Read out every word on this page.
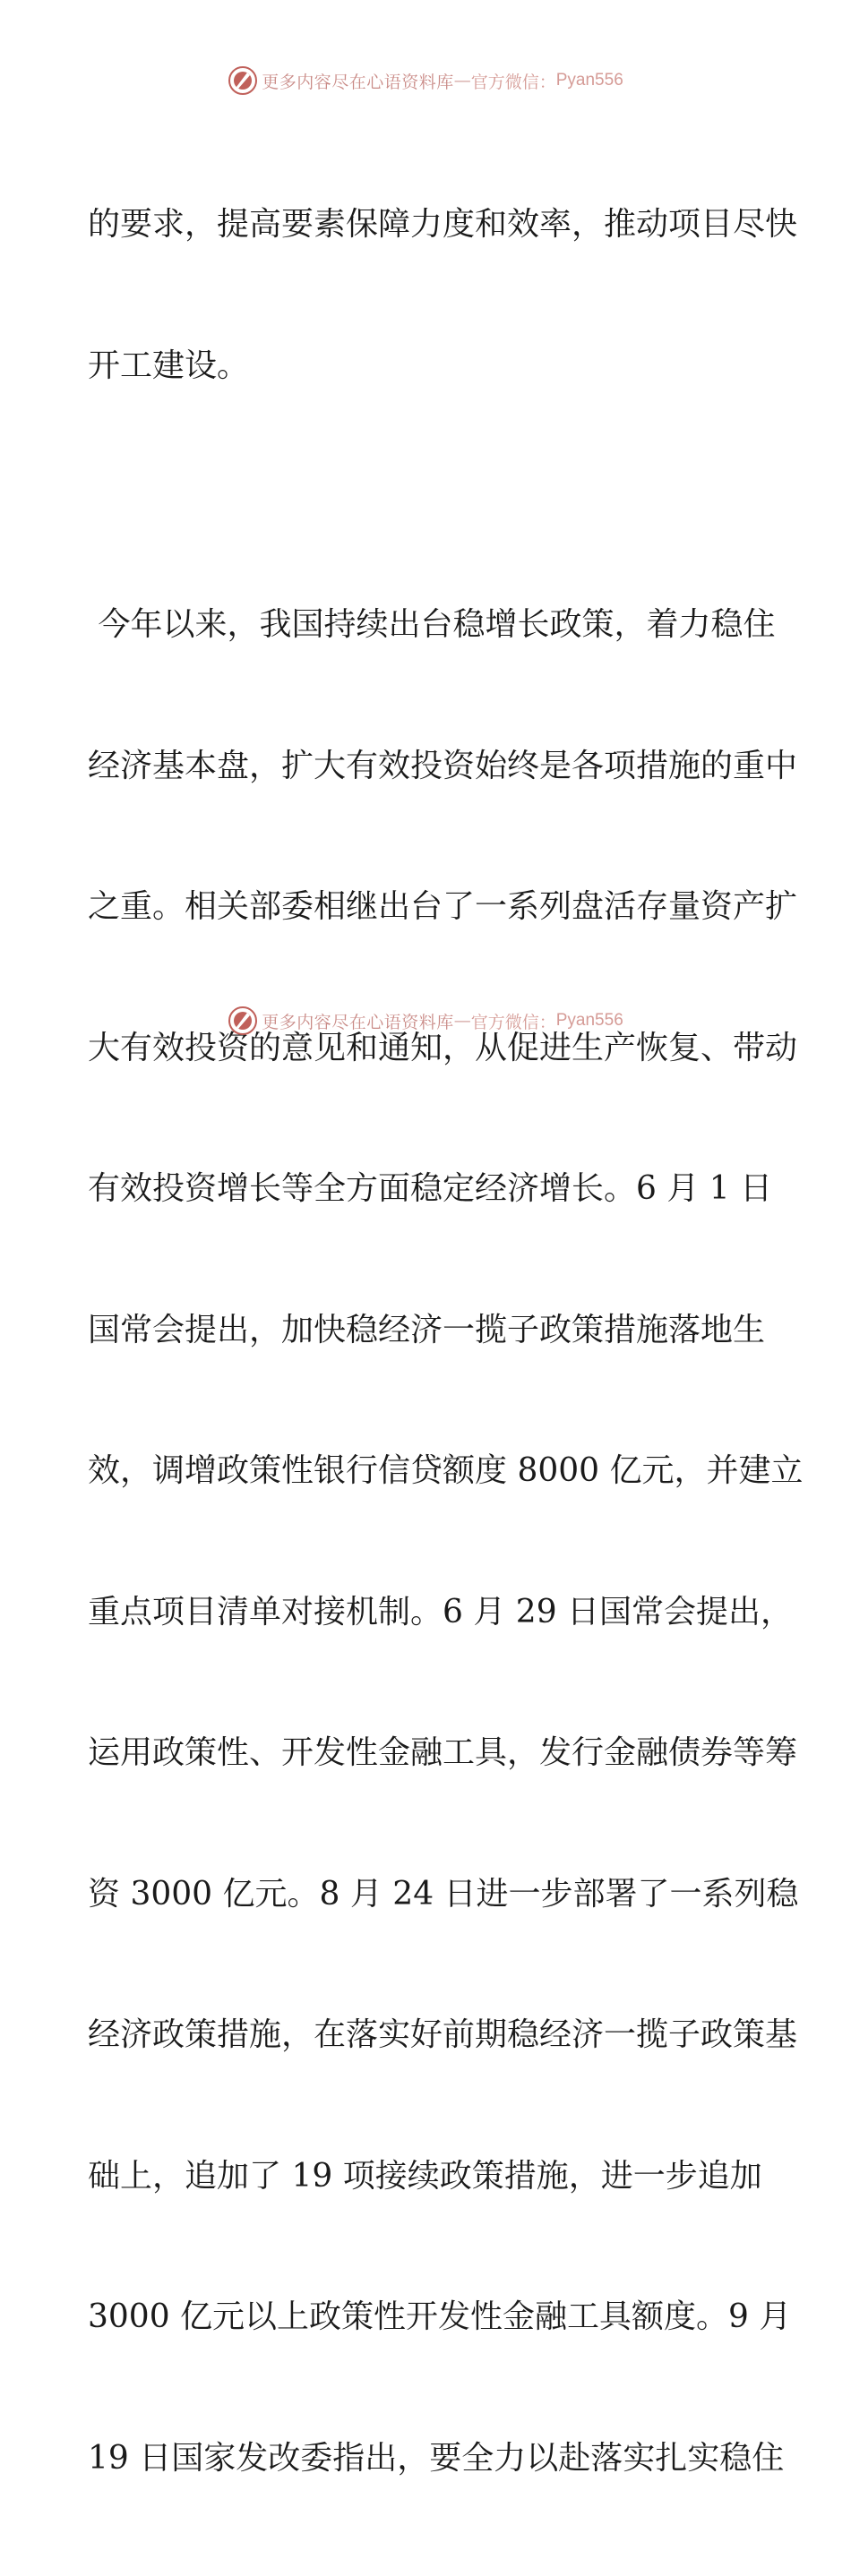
更多内容尽在心语资料库 — 官方微信： Pyan556

的要求，提高要素保障力度和效率，推动项目尽快

开工建设。

今年以来，我国持续出台稳增长政策，着力稳住

经济基本盘，扩大有效投资始终是各项措施的重中

之重。相关部委相继出台了一系列盘活存量资产扩

大有效投资的意见和通知，从促进生产恢复、带动

有效投资增长等全方面稳定经济增长。6 月 1 日

国常会提出，加快稳经济一揽子政策措施落地生

效，调增政策性银行信贷额度 8000 亿元，并建立

重点项目清单对接机制。6 月 29 日国常会提出，

运用政策性、开发性金融工具，发行金融债券等筹

资 3000 亿元。8 月 24 日进一步部署了一系列稳

经济政策措施，在落实好前期稳经济一揽子政策基

础上，追加了 19 项接续政策措施，进一步追加

3000 亿元以上政策性开发性金融工具额度。9 月

19 日国家发改委指出，要全力以赴落实扎实稳住

更多内容尽在心语资料库 — 官方微信： Pyan556
